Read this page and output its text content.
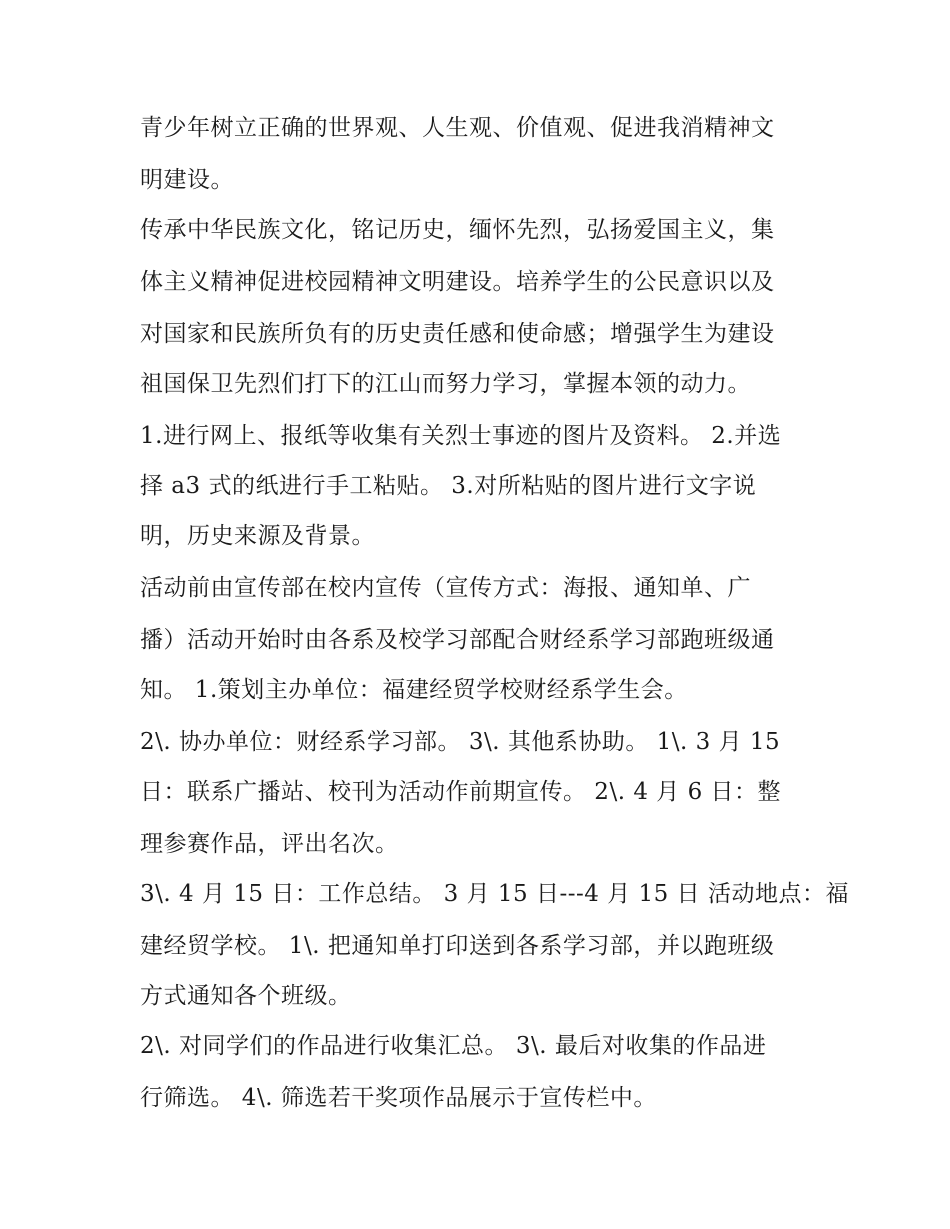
青少年树立正确的世界观、人生观、价值观、促进我消精神文
明建设。
传承中华民族文化，铭记历史，缅怀先烈，弘扬爱国主义，集
体主义精神促进校园精神文明建设。培养学生的公民意识以及
对国家和民族所负有的历史责任感和使命感；增强学生为建设
祖国保卫先烈们打下的江山而努力学习，掌握本领的动力。
1.进行网上、报纸等收集有关烈士事迹的图片及资料。 2.并选
择 a3 式的纸进行手工粘贴。 3.对所粘贴的图片进行文字说
明，历史来源及背景。
活动前由宣传部在校内宣传（宣传方式：海报、通知单、广
播）活动开始时由各系及校学习部配合财经系学习部跑班级通
知。 1.策划主办单位：福建经贸学校财经系学生会。
2\. 协办单位：财经系学习部。 3\. 其他系协助。 1\. 3 月 15
日：联系广播站、校刊为活动作前期宣传。 2\. 4 月 6 日：整
理参赛作品，评出名次。
3\. 4 月 15 日：工作总结。 3 月 15 日---4 月 15 日 活动地点：福
建经贸学校。 1\. 把通知单打印送到各系学习部，并以跑班级
方式通知各个班级。
2\. 对同学们的作品进行收集汇总。 3\. 最后对收集的作品进
行筛选。 4\. 筛选若干奖项作品展示于宣传栏中。
